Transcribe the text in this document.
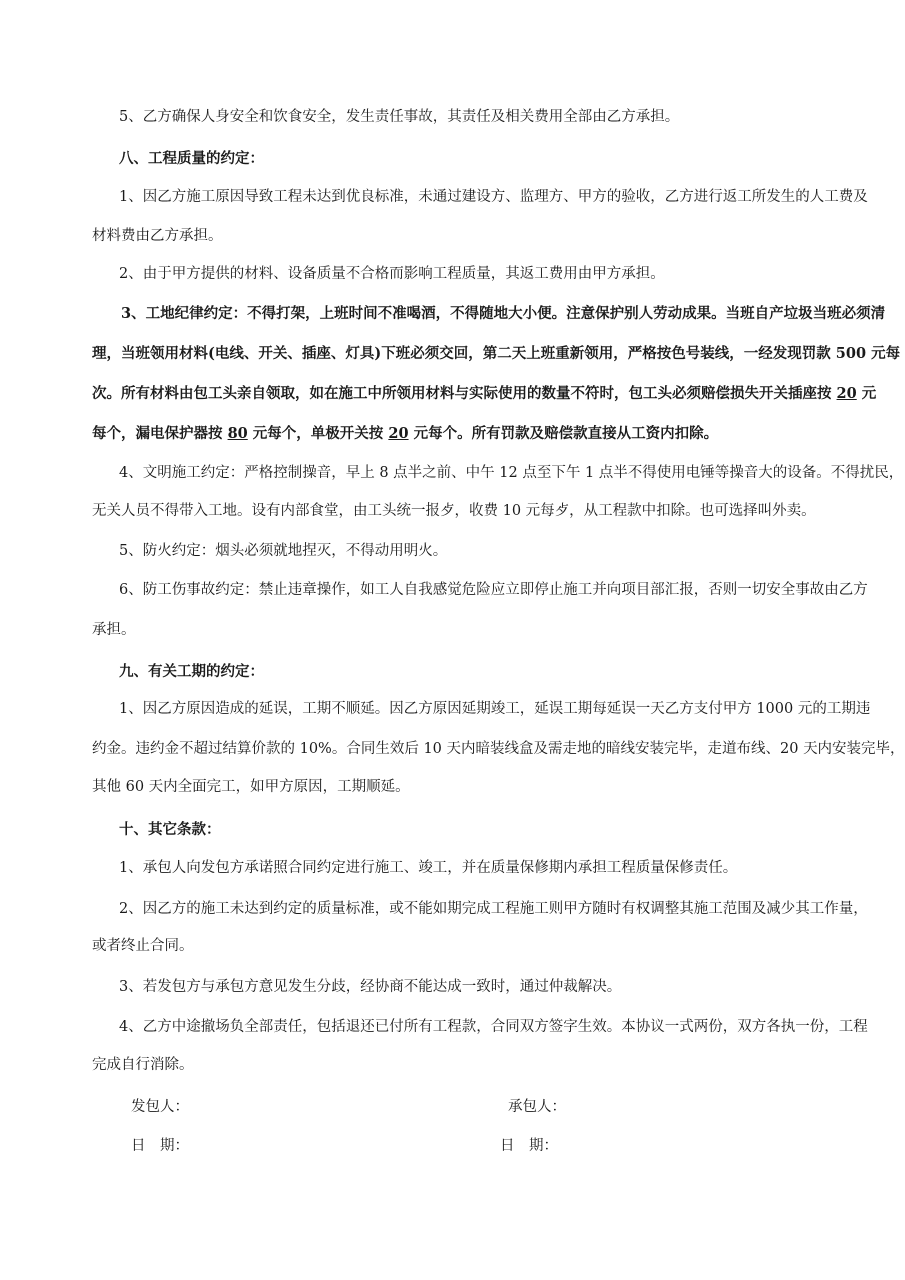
5、乙方确保人身安全和饮食安全，发生责任事故，其责任及相关费用全部由乙方承担。
八、工程质量的约定：
1、因乙方施工原因导致工程未达到优良标准，未通过建设方、监理方、甲方的验收，乙方进行返工所发生的人工费及
材料费由乙方承担。
2、由于甲方提供的材料、设备质量不合格而影响工程质量，其返工费用由甲方承担。
3、工地纪律约定：不得打架，上班时间不准喝酒，不得随地大小便。注意保护别人劳动成果。当班自产垃圾当班必须清
理，当班领用材料(电线、开关、插座、灯具)下班必须交回，第二天上班重新领用，严格按色号装线，一经发现罚款 500 元每
次。所有材料由包工头亲自领取，如在施工中所领用材料与实际使用的数量不符时，包工头必须赔偿损失开关插座按 20 元
每个，漏电保护器按 80 元每个，单极开关按 20 元每个。所有罚款及赔偿款直接从工资内扣除。
4、文明施工约定：严格控制操音，早上 8 点半之前、中午 12 点至下午 1 点半不得使用电锤等操音大的设备。不得扰民，
无关人员不得带入工地。设有内部食堂，由工头统一报歺，收费 10 元每歺，从工程款中扣除。也可选择叫外卖。
5、防火约定：烟头必须就地捏灭，不得动用明火。
6、防工伤事故约定：禁止违章操作，如工人自我感觉危险应立即停止施工并向项目部汇报，否则一切安全事故由乙方
承担。
九、有关工期的约定：
1、因乙方原因造成的延误，工期不顺延。因乙方原因延期竣工，延误工期每延误一天乙方支付甲方 1000 元的工期违
约金。违约金不超过结算价款的 10%。合同生效后 10 天内暗装线盒及需走地的暗线安装完毕，走道布线、20 天内安装完毕，
其他 60 天内全面完工，如甲方原因，工期顺延。
十、其它条款：
1、承包人向发包方承诺照合同约定进行施工、竣工，并在质量保修期内承担工程质量保修责任。
2、因乙方的施工未达到约定的质量标准，或不能如期完成工程施工则甲方随时有权调整其施工范围及减少其工作量，
或者终止合同。
3、若发包方与承包方意见发生分歧，经协商不能达成一致时，通过仲裁解决。
4、乙方中途撤场负全部责任，包括退还已付所有工程款，合同双方签字生效。本协议一式两份，双方各执一份，工程
完成自行消除。
发包人：	承包人：
日　期：	日　期：
